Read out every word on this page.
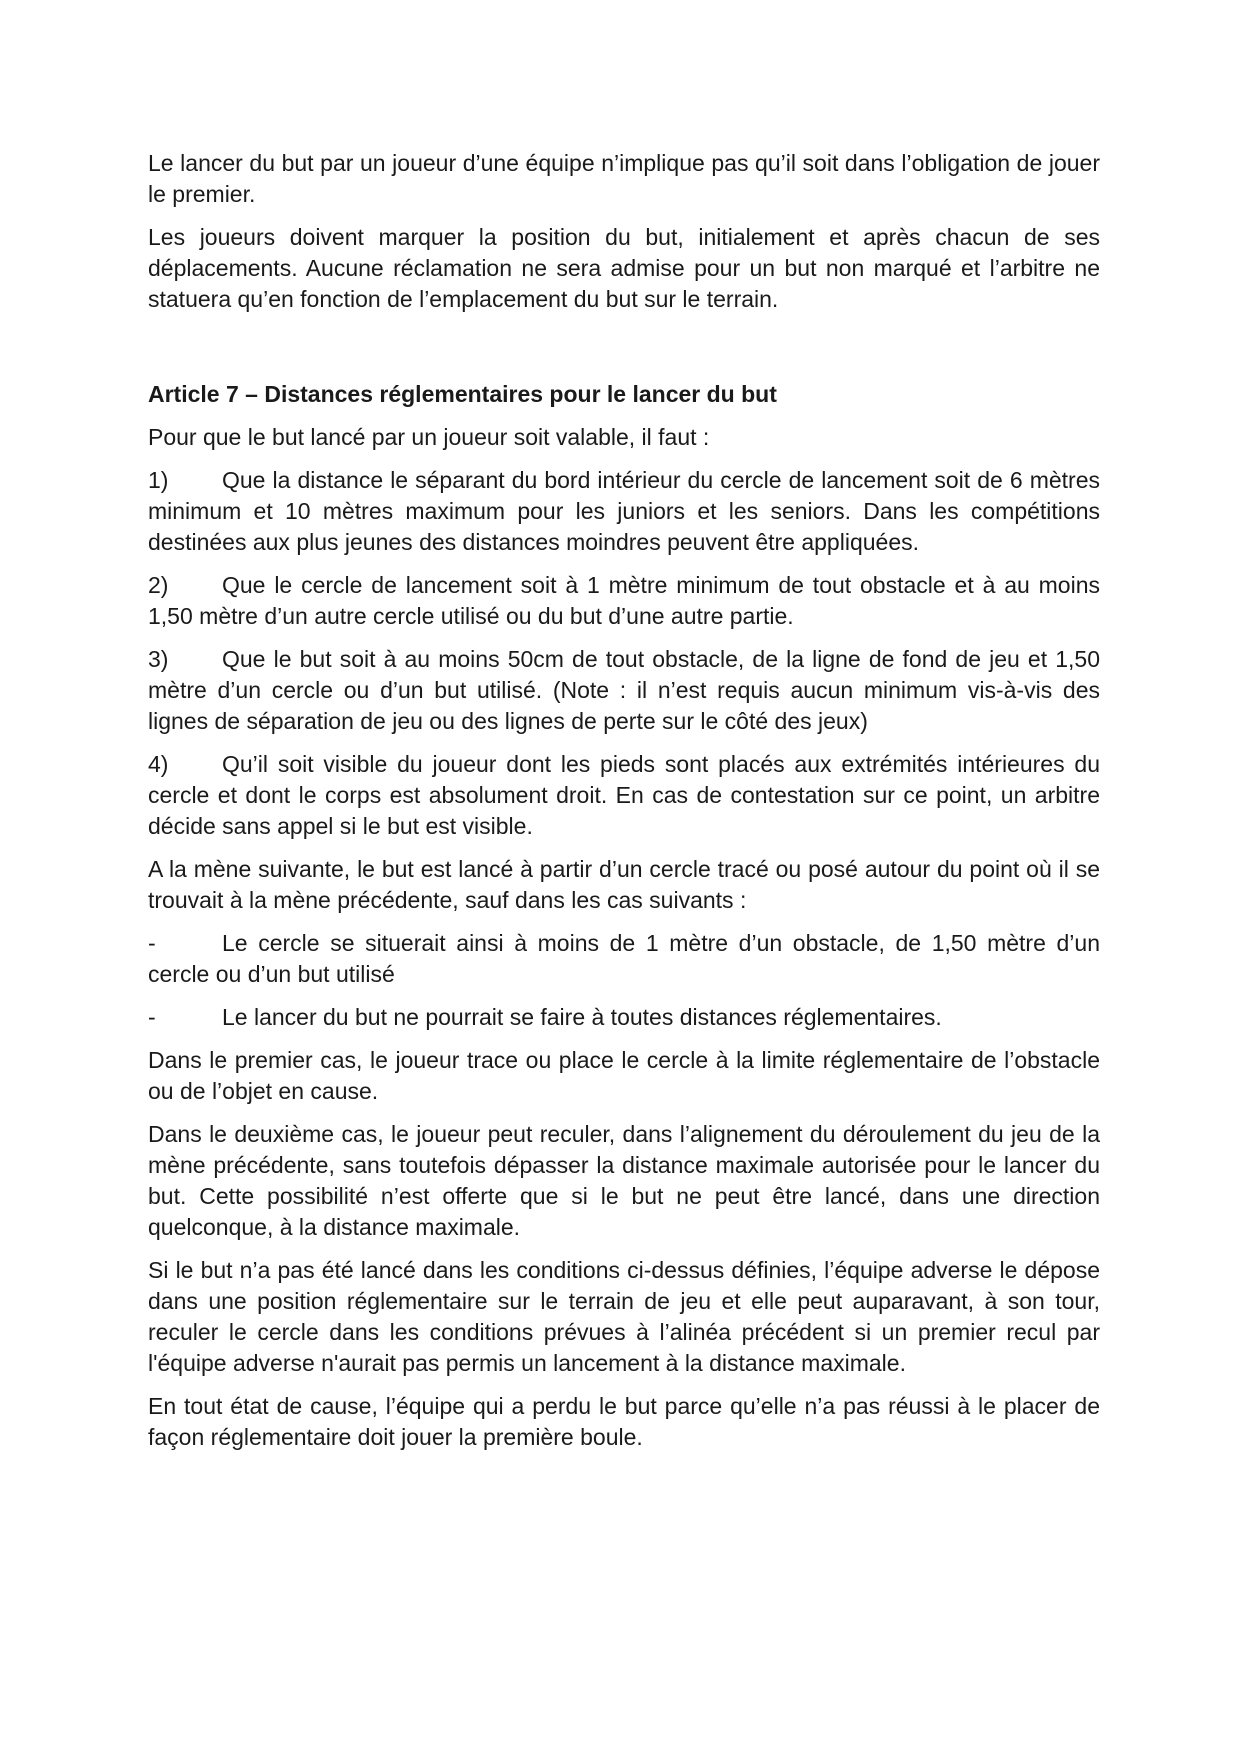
Le lancer du but par un joueur d’une équipe n’implique pas qu’il soit dans l’obligation de jouer le premier.

Les joueurs doivent marquer la position du but, initialement et après chacun de ses déplacements. Aucune réclamation ne sera admise pour un but non marqué et l’arbitre ne statuera qu’en fonction de l’emplacement du but sur le terrain.

Article 7 – Distances réglementaires pour le lancer du but

Pour que le but lancé par un joueur soit valable, il faut :

1) Que la distance le séparant du bord intérieur du cercle de lancement soit de 6 mètres minimum et 10 mètres maximum pour les juniors et les seniors. Dans les compétitions destinées aux plus jeunes des distances moindres peuvent être appliquées.

2) Que le cercle de lancement soit à 1 mètre minimum de tout obstacle et à au moins 1,50 mètre d’un autre cercle utilisé ou du but d’une autre partie.

3) Que le but soit à au moins 50cm de tout obstacle, de la ligne de fond de jeu et 1,50 mètre d’un cercle ou d’un but utilisé. (Note : il n’est requis aucun minimum vis-à-vis des lignes de séparation de jeu ou des lignes de perte sur le côté des jeux)

4) Qu’il soit visible du joueur dont les pieds sont placés aux extrémités intérieures du cercle et dont le corps est absolument droit. En cas de contestation sur ce point, un arbitre décide sans appel si le but est visible.

A la mène suivante, le but est lancé à partir d’un cercle tracé ou posé autour du point où il se trouvait à la mène précédente, sauf dans les cas suivants :

-	Le cercle se situerait ainsi à moins de 1 mètre d’un obstacle, de 1,50 mètre d’un cercle ou d’un but utilisé

-	Le lancer du but ne pourrait se faire à toutes distances réglementaires.

Dans le premier cas, le joueur trace ou place le cercle à la limite réglementaire de l’obstacle ou de l’objet en cause.

Dans le deuxième cas, le joueur peut reculer, dans l’alignement du déroulement du jeu de la mène précédente, sans toutefois dépasser la distance maximale autorisée pour le lancer du but. Cette possibilité n’est offerte que si le but ne peut être lancé, dans une direction quelconque, à la distance maximale.

Si le but n’a pas été lancé dans les conditions ci-dessus définies, l’équipe adverse le dépose dans une position réglementaire sur le terrain de jeu et elle peut auparavant, à son tour, reculer le cercle dans les conditions prévues à l’alinéa précédent si un premier recul par l'équipe adverse n'aurait pas permis un lancement à la distance maximale.

En tout état de cause, l’équipe qui a perdu le but parce qu’elle n’a pas réussi à le placer de façon réglementaire doit jouer la première boule.
